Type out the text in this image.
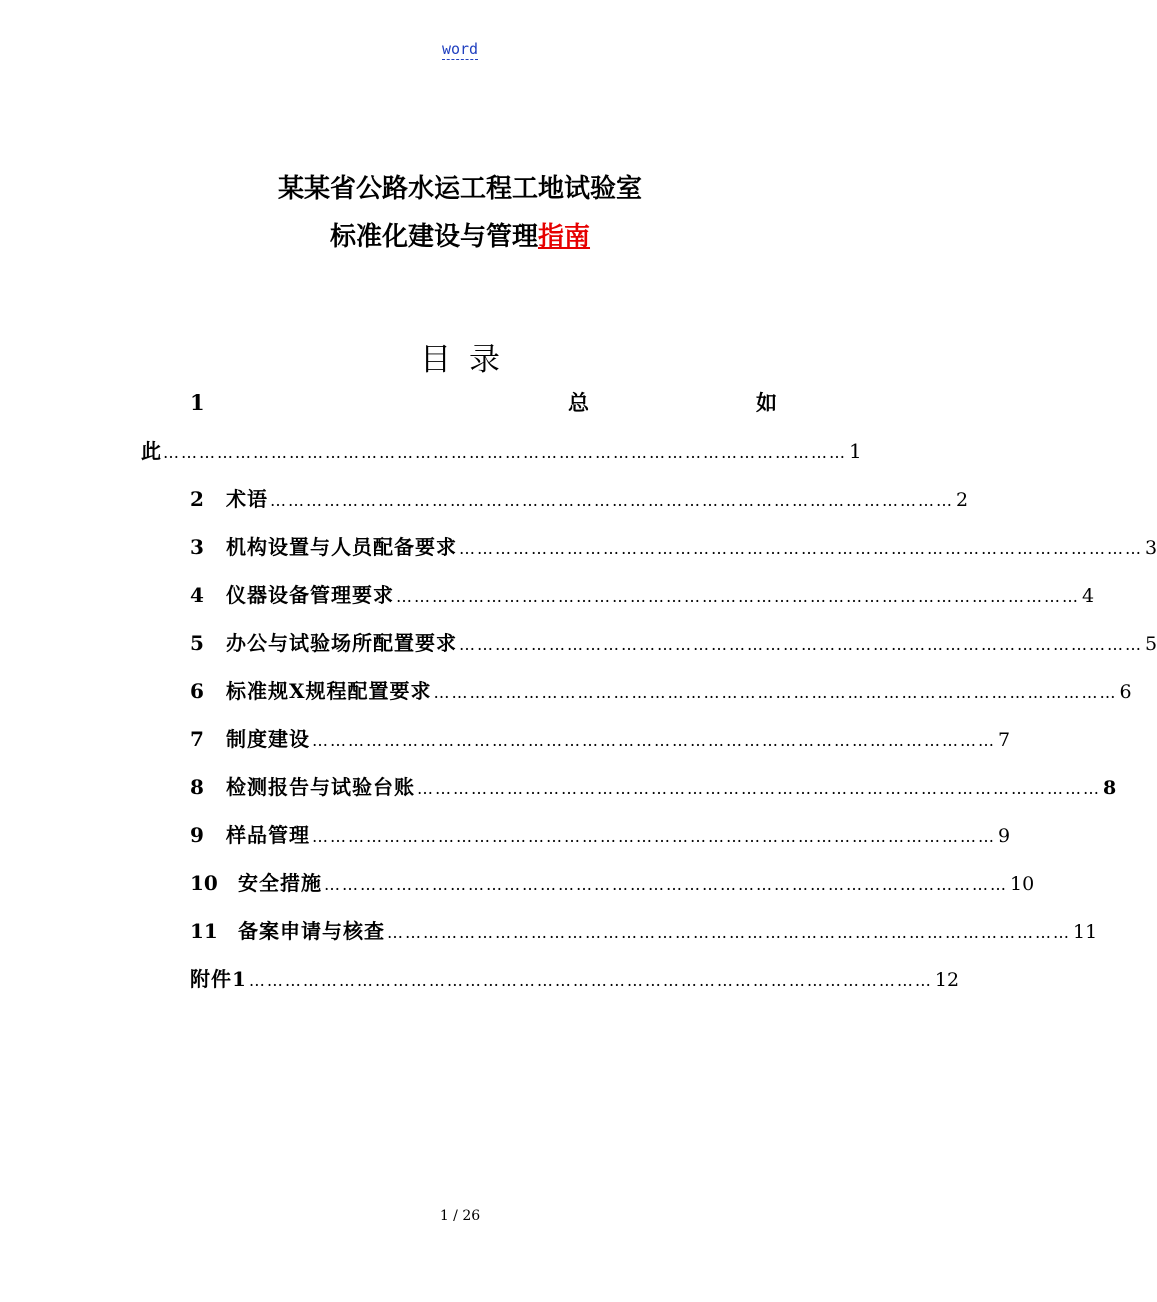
word
某某省公路水运工程工地试验室
标准化建设与管理指南
目录
1	总	如
此 …………………………………………………………………………………………………… 1
2	术语 …………………………………………………………………………………………………… 2
3	机构设置与人员配备要求 …………………………………………………………………………………………………… 3
4	仪器设备管理要求 …………………………………………………………………………………………………… 4
5	办公与试验场所配置要求 …………………………………………………………………………………………………… 5
6	标准规X规程配置要求 …………………………………………………………………………………………………… 6
7	制度建设 …………………………………………………………………………………………………… 7
8	检测报告与试验台账 …………………………………………………………………………………………………… 8
9	样品管理 …………………………………………………………………………………………………… 9
10	安全措施 …………………………………………………………………………………………………… 10
11	备案申请与核查 …………………………………………………………………………………………………… 11
附件1 …………………………………………………………………………………………………… 12
1 / 26
